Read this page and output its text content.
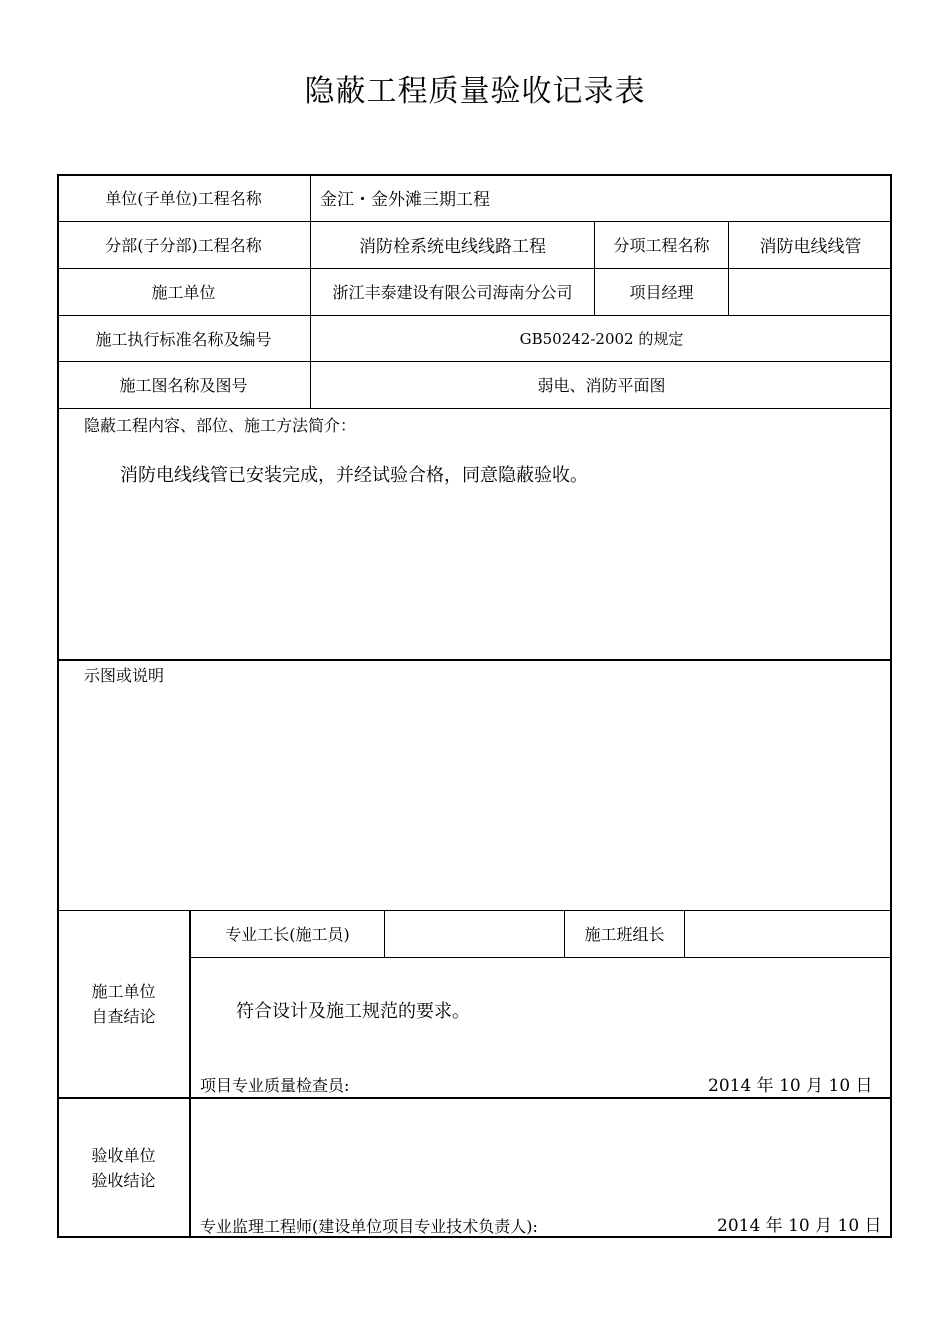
隐蔽工程质量验收记录表
单位(子单位)工程名称	金江・金外滩三期工程
分部(子分部)工程名称	消防栓系统电线线路工程	分项工程名称	消防电线线管
施工单位	浙江丰泰建设有限公司海南分公司	项目经理
施工执行标准名称及编号	GB50242-2002 的规定
施工图名称及图号	弱电、消防平面图
隐蔽工程内容、部位、施工方法简介：
消防电线线管已安装完成，并经试验合格，同意隐蔽验收。
示图或说明
施工单位
自查结论
专业工长(施工员)	施工班组长
符合设计及施工规范的要求。
项目专业质量检查员:	2014 年 10 月 10 日
验收单位
验收结论
专业监理工程师(建设单位项目专业技术负责人):	2014 年 10 月 10 日
